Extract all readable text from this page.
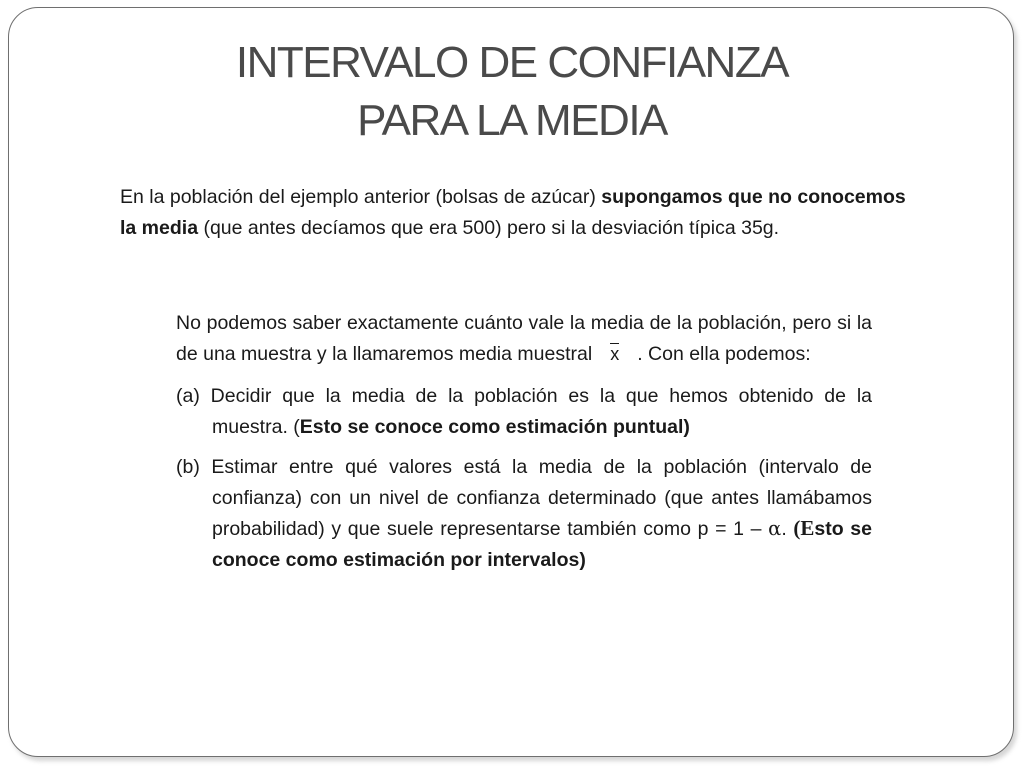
INTERVALO DE CONFIANZA
PARA LA MEDIA
En la población del ejemplo anterior (bolsas de azúcar) supongamos que no conocemos la media (que antes decíamos que era 500) pero si la desviación típica 35g.

No podemos saber exactamente cuánto vale la media de la población, pero si la de una muestra y la llamaremos media muestral x . Con ella podemos:

(a) Decidir que la media de la población es la que hemos obtenido de la muestra. (Esto se conoce como estimación puntual)

(b) Estimar entre qué valores está la media de la población (intervalo de confianza) con un nivel de confianza determinado (que antes llamábamos probabilidad) y que suele representarse también como p = 1 – α. (Esto se conoce como estimación por intervalos)
